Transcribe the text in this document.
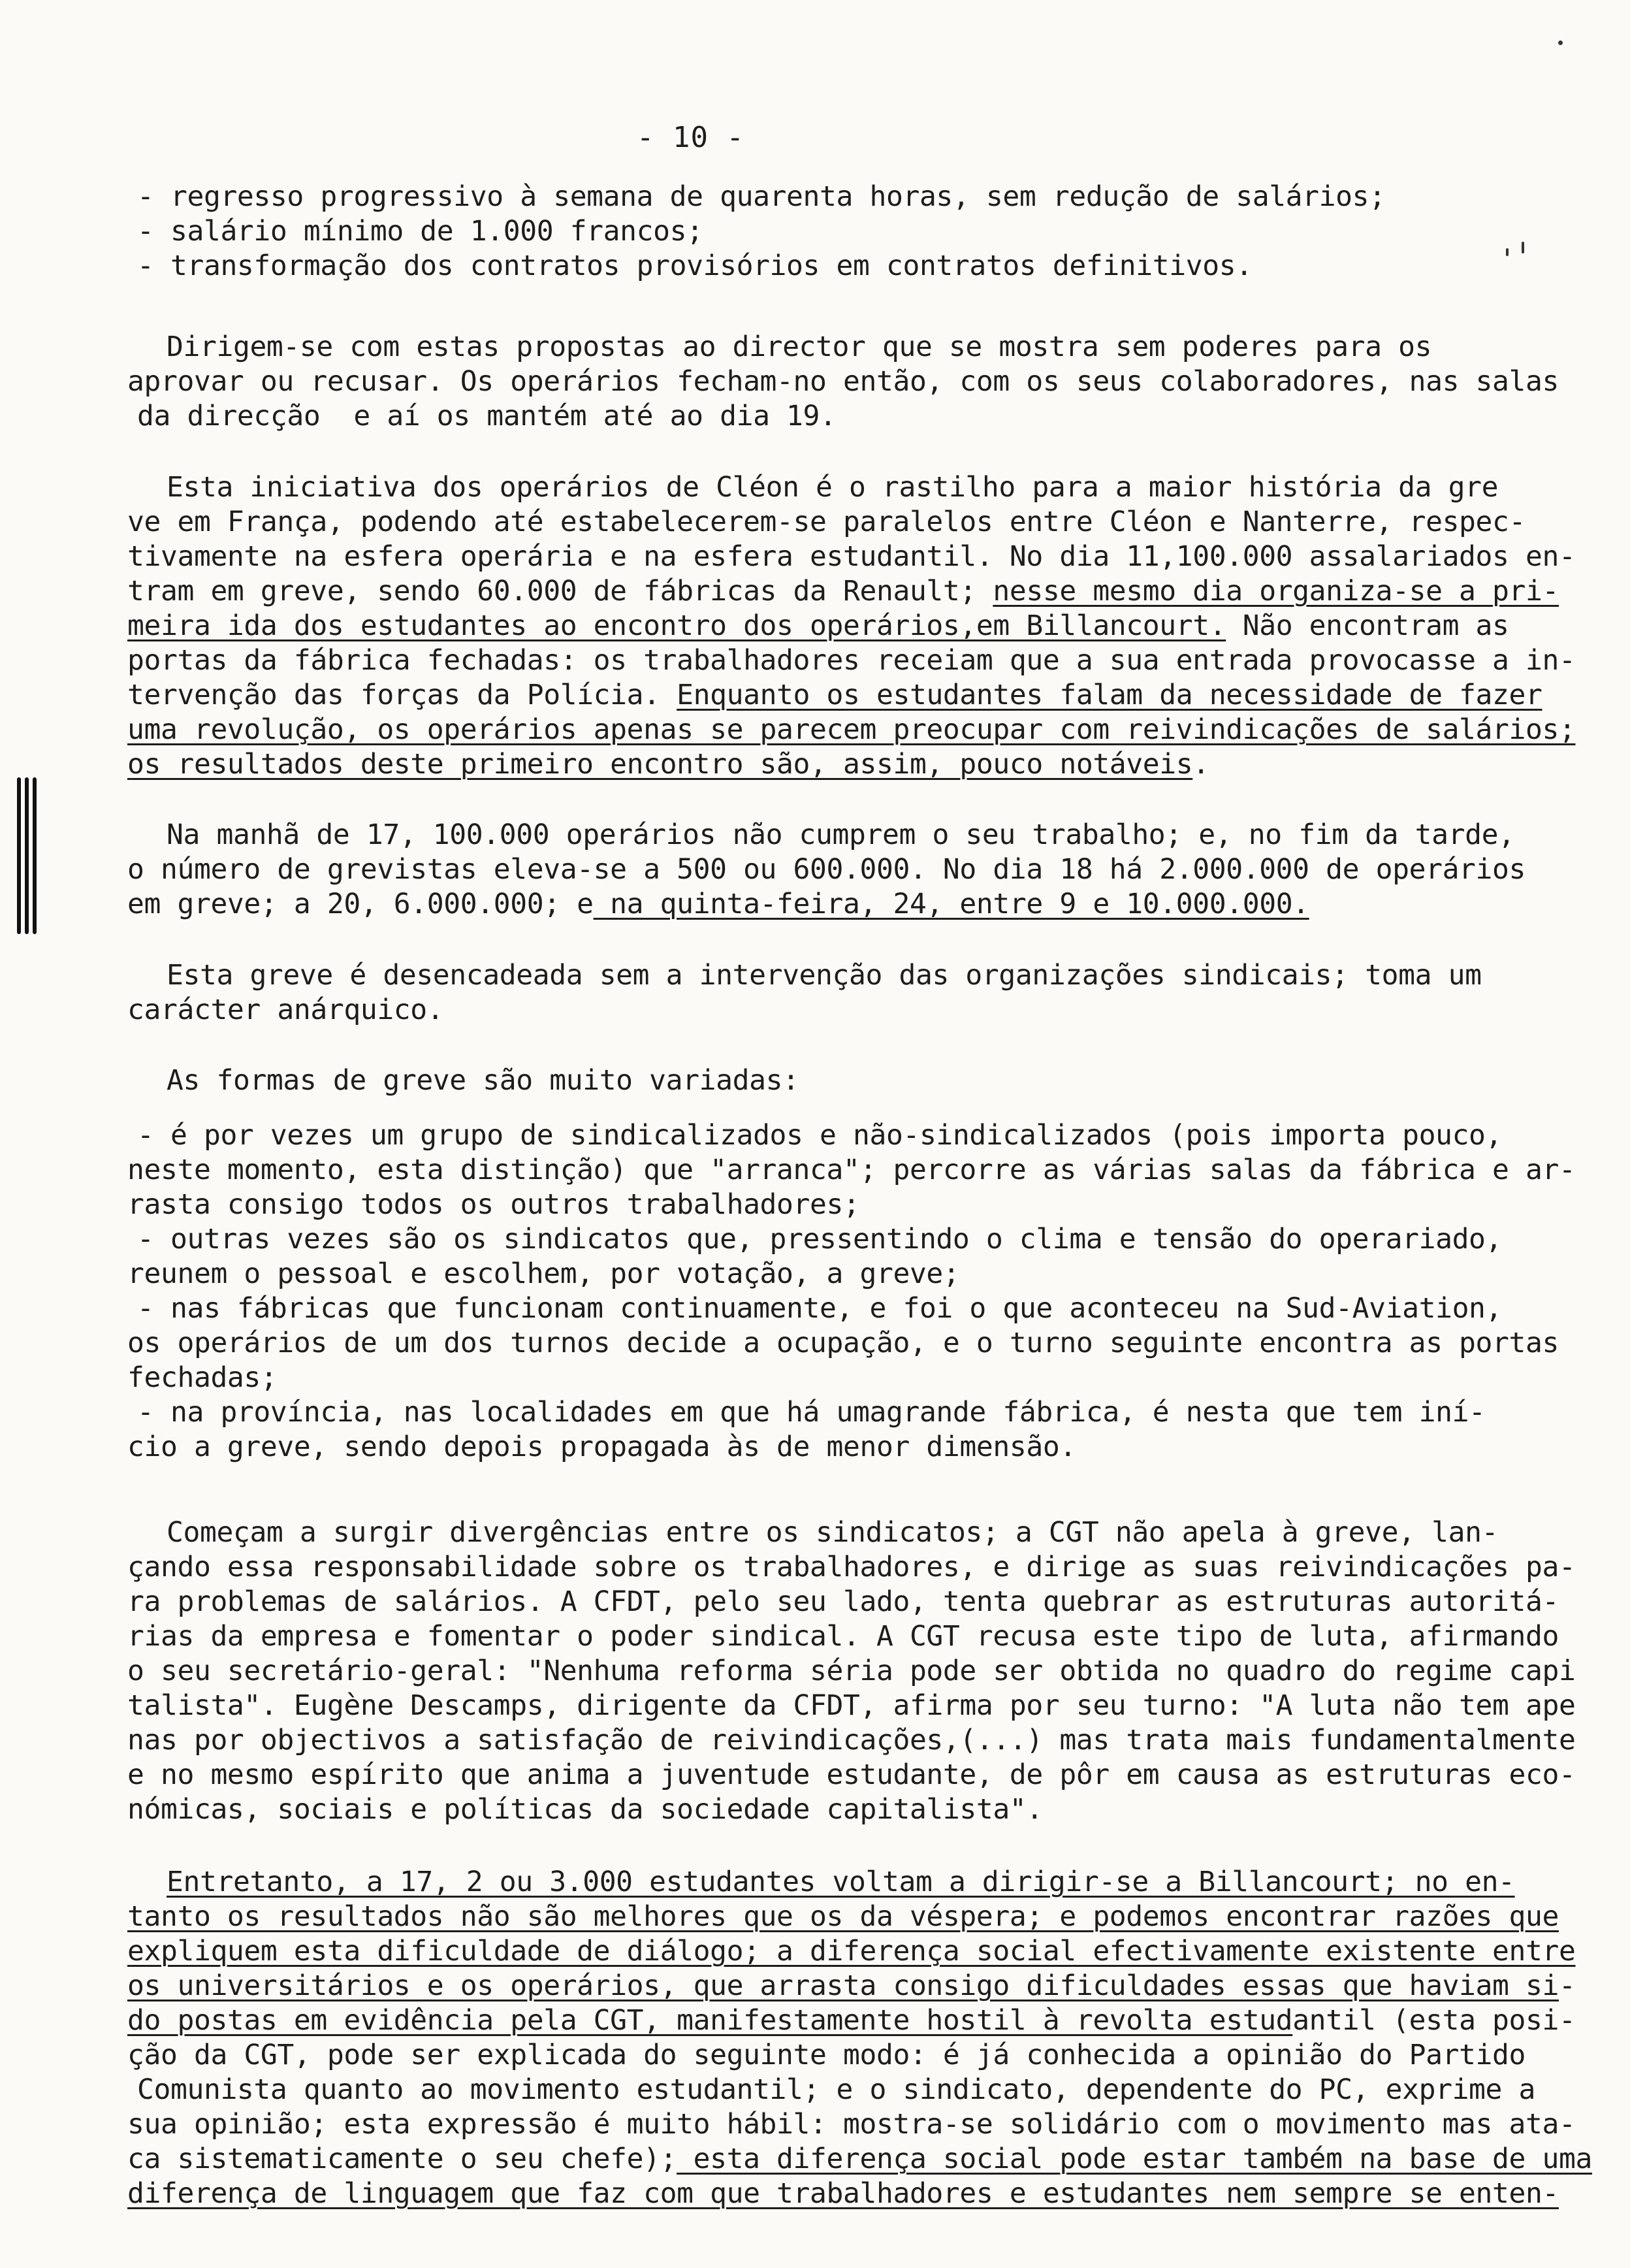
- 10 -
- regresso progressivo à semana de quarenta horas, sem redução de salários;
- salário mínimo de 1.000 francos;
- transformação dos contratos provisórios em contratos definitivos.
Dirigem-se com estas propostas ao director que se mostra sem poderes para os
aprovar ou recusar. Os operários fecham-no então, com os seus colaboradores, nas salas
da direcção  e aí os mantém até ao dia 19.
Esta iniciativa dos operários de Cléon é o rastilho para a maior história da gre
ve em França, podendo até estabelecerem-se paralelos entre Cléon e Nanterre, respec-
tivamente na esfera operária e na esfera estudantil. No dia 11,100.000 assalariados en-
tram em greve, sendo 60.000 de fábricas da Renault; nesse mesmo dia organiza-se a pri-
meira ida dos estudantes ao encontro dos operários,em Billancourt. Não encontram as
portas da fábrica fechadas: os trabalhadores receiam que a sua entrada provocasse a in-
tervenção das forças da Polícia. Enquanto os estudantes falam da necessidade de fazer
uma revolução, os operários apenas se parecem preocupar com reivindicações de salários;
os resultados deste primeiro encontro são, assim, pouco notáveis.
Na manhã de 17, 100.000 operários não cumprem o seu trabalho; e, no fim da tarde,
o número de grevistas eleva-se a 500 ou 600.000. No dia 18 há 2.000.000 de operários
em greve; a 20, 6.000.000; e na quinta-feira, 24, entre 9 e 10.000.000.
Esta greve é desencadeada sem a intervenção das organizações sindicais; toma um
carácter anárquico.
As formas de greve são muito variadas:
- é por vezes um grupo de sindicalizados e não-sindicalizados (pois importa pouco,
neste momento, esta distinção) que "arranca"; percorre as várias salas da fábrica e ar-
rasta consigo todos os outros trabalhadores;
- outras vezes são os sindicatos que, pressentindo o clima e tensão do operariado,
reunem o pessoal e escolhem, por votação, a greve;
- nas fábricas que funcionam continuamente, e foi o que aconteceu na Sud-Aviation,
os operários de um dos turnos decide a ocupação, e o turno seguinte encontra as portas
fechadas;
- na província, nas localidades em que há umagrande fábrica, é nesta que tem iní-
cio a greve, sendo depois propagada às de menor dimensão.
Começam a surgir divergências entre os sindicatos; a CGT não apela à greve, lan-
çando essa responsabilidade sobre os trabalhadores, e dirige as suas reivindicações pa-
ra problemas de salários. A CFDT, pelo seu lado, tenta quebrar as estruturas autoritá-
rias da empresa e fomentar o poder sindical. A CGT recusa este tipo de luta, afirmando
o seu secretário-geral: "Nenhuma reforma séria pode ser obtida no quadro do regime capi
talista". Eugène Descamps, dirigente da CFDT, afirma por seu turno: "A luta não tem ape
nas por objectivos a satisfação de reivindicações,(...) mas trata mais fundamentalmente
e no mesmo espírito que anima a juventude estudante, de pôr em causa as estruturas eco-
nómicas, sociais e políticas da sociedade capitalista".
Entretanto, a 17, 2 ou 3.000 estudantes voltam a dirigir-se a Billancourt; no en-
tanto os resultados não são melhores que os da véspera; e podemos encontrar razões que
expliquem esta dificuldade de diálogo; a diferença social efectivamente existente entre
os universitários e os operários, que arrasta consigo dificuldades essas que haviam si-
do postas em evidência pela CGT, manifestamente hostil à revolta estudantil (esta posi-
ção da CGT, pode ser explicada do seguinte modo: é já conhecida a opinião do Partido
Comunista quanto ao movimento estudantil; e o sindicato, dependente do PC, exprime a
sua opinião; esta expressão é muito hábil: mostra-se solidário com o movimento mas ata-
ca sistematicamente o seu chefe); esta diferença social pode estar também na base de uma
diferença de linguagem que faz com que trabalhadores e estudantes nem sempre se enten-
